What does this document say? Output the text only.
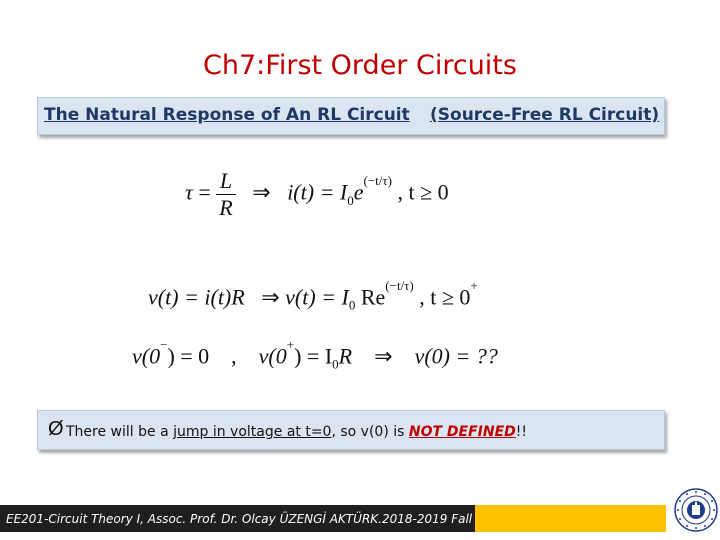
Ch7:First Order Circuits
The Natural Response of An RL Circuit (Source-Free RL Circuit)
$\tau = \frac{L}{R}$ ⇒ $i(t) = I_0e^{(-t/\tau)}$ , t ≥ 0
v(t) = i(t)R ⇒ $v(t) = I_0$ $Re^{(-t/\tau)}$ , t ≥ 0+
v(0−) = 0 , $v(0^+) = I_0R$ ⇒ v(0) = ??
Ø There will be a jump in voltage at t=0, so v(0) is NOT DEFINED!!
EE201-Circuit Theory I, Assoc. Prof. Dr. Olcay ÜZENGİ AKTÜRK.2018-2019 Fall
